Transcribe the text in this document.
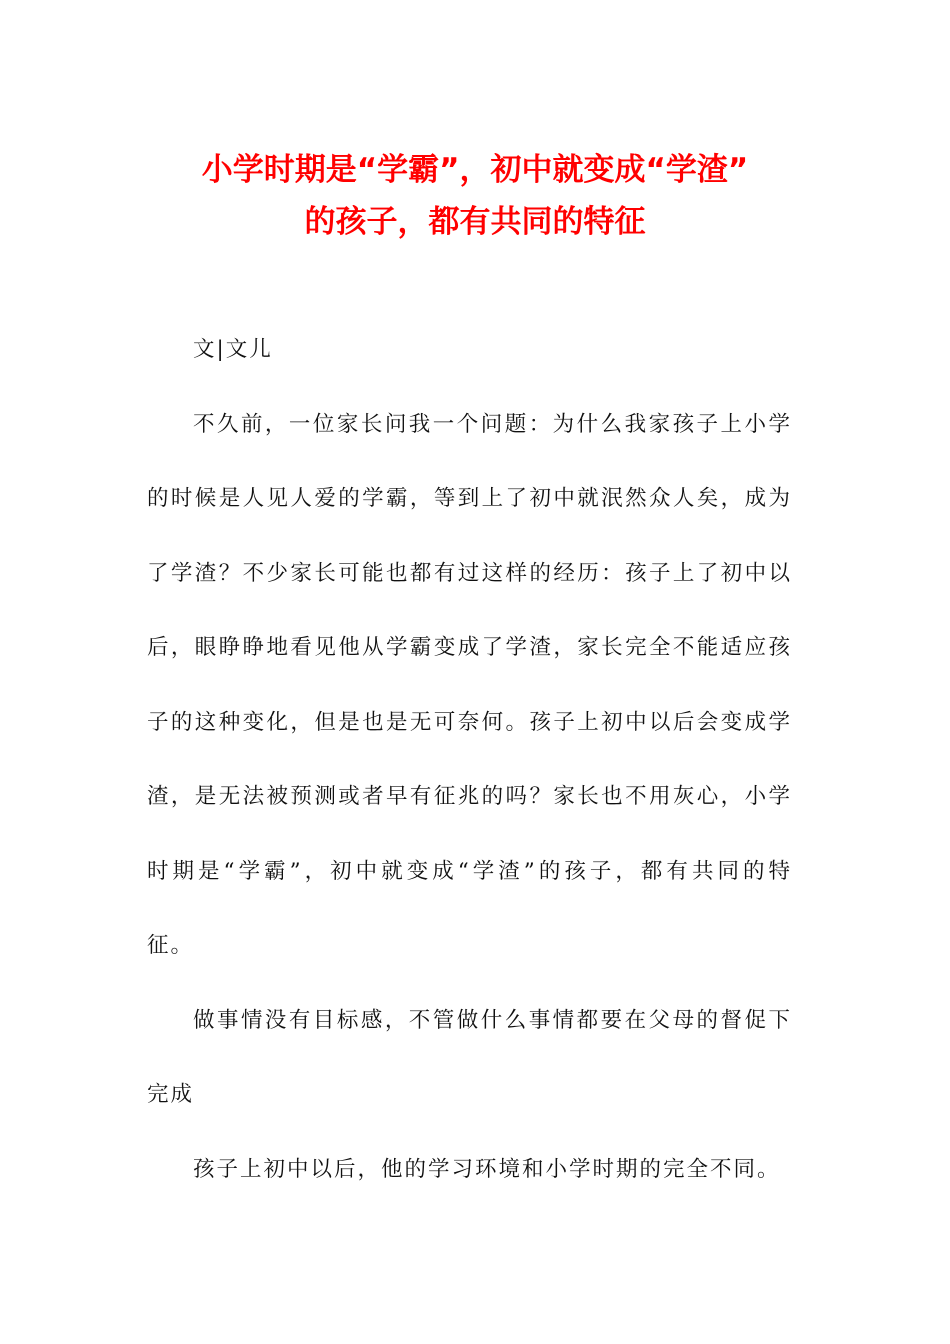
小学时期是“学霸”，初中就变成“学渣”
的孩子，都有共同的特征
文|文儿
不久前，一位家长问我一个问题：为什么我家孩子上小学
的时候是人见人爱的学霸，等到上了初中就泯然众人矣，成为
了学渣？不少家长可能也都有过这样的经历：孩子上了初中以
后，眼睁睁地看见他从学霸变成了学渣，家长完全不能适应孩
子的这种变化，但是也是无可奈何。孩子上初中以后会变成学
渣，是无法被预测或者早有征兆的吗？家长也不用灰心，小学
时期是“学霸”，初中就变成“学渣”的孩子，都有共同的特
征。
做事情没有目标感，不管做什么事情都要在父母的督促下
完成
孩子上初中以后，他的学习环境和小学时期的完全不同。
